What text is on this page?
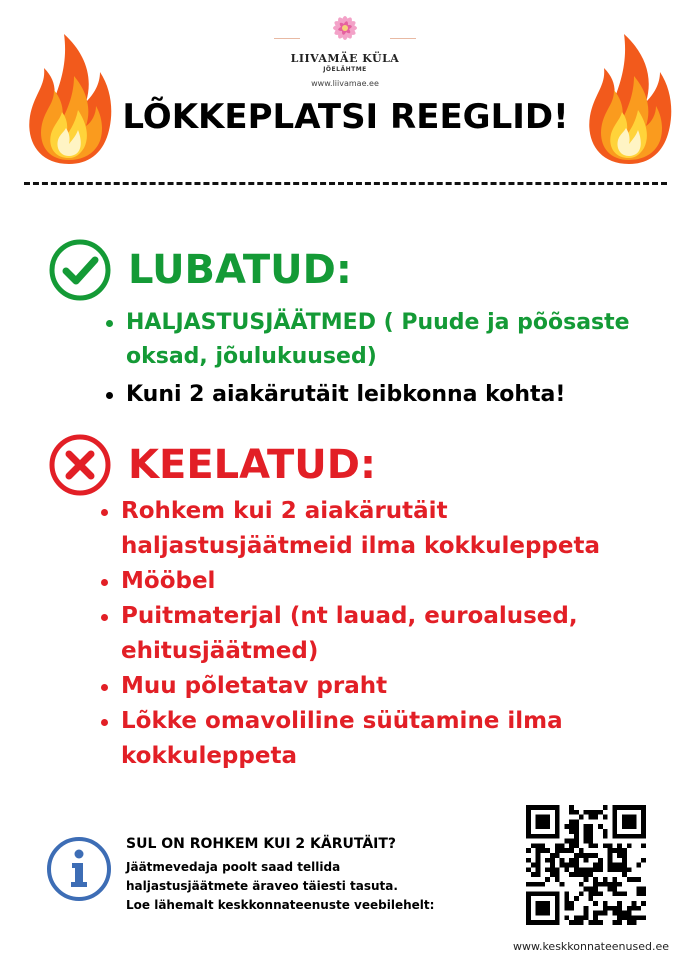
LIIVAMÄE KÜLA
JÕELÄHTME
www.liivamae.ee
LÕKKEPLATSI REEGLID!
LUBATUD:
HALJASTUSJÄÄTMED ( Puude ja põõsaste oksad, jõulukuused)
Kuni 2 aiakärutäit leibkonna kohta!
KEELATUD:
Rohkem kui 2 aiakärutäit haljastusjäätmeid ilma kokkuleppeta
Mööbel
Puitmaterjal (nt lauad, euroalused, ehitusjäätmed)
Muu põletatav praht
Lõkke omavoliline süütamine ilma kokkuleppeta
SUL ON ROHKEM KUI 2 KÄRUTÄIT?
Jäätmevedaja poolt saad tellida
haljastusjäätmete äraveo täiesti tasuta.
Loe lähemalt keskkonnateenuste veebilehelt:
www.keskkonnateenused.ee
